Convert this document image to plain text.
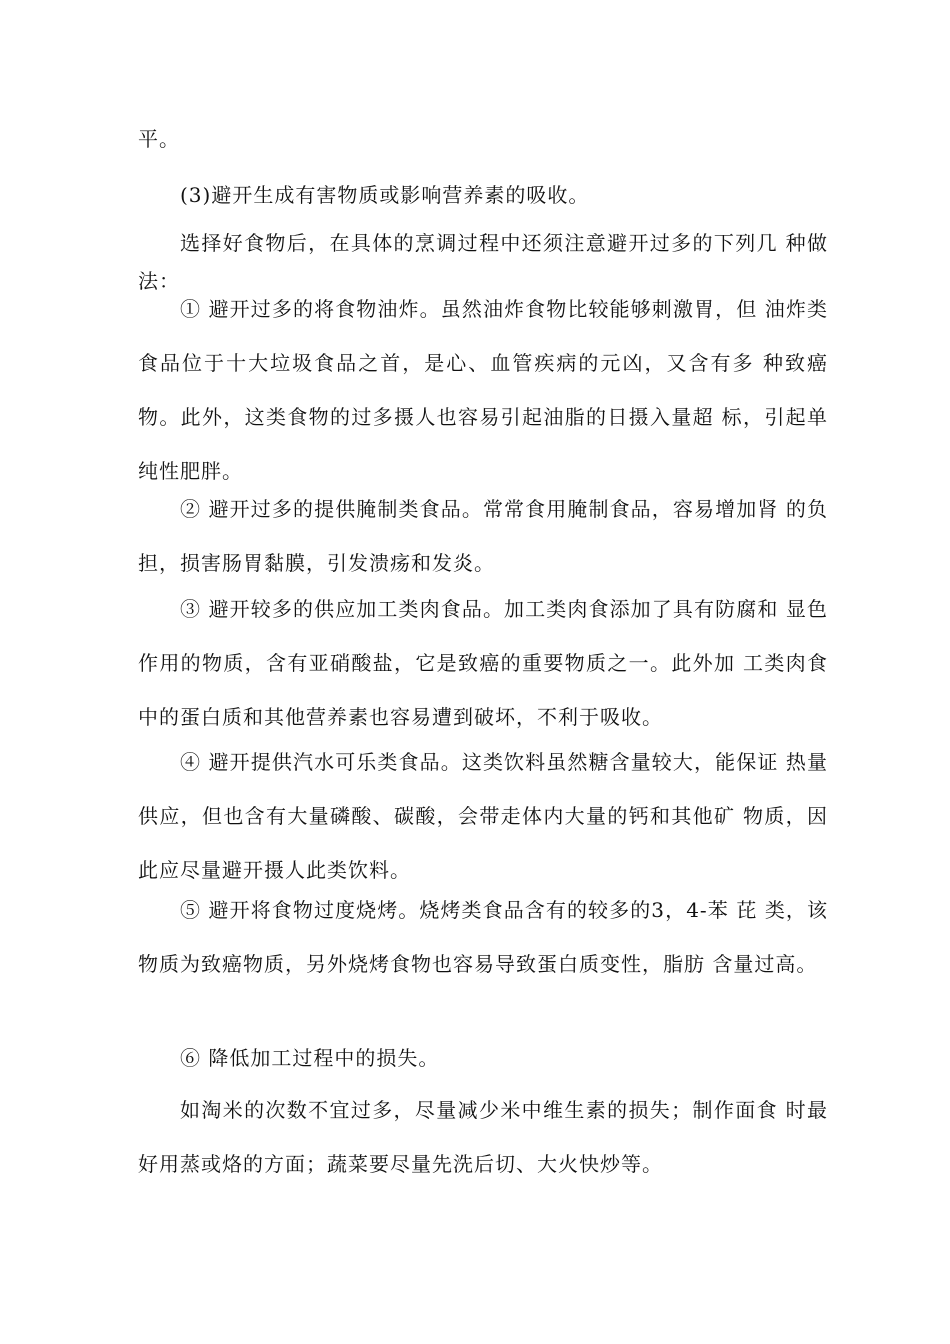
平。

(3)避开生成有害物质或影响营养素的吸收。

选择好食物后，在具体的烹调过程中还须注意避开过多的下列几 种做法：

① 避开过多的将食物油炸。虽然油炸食物比较能够刺激胃，但 油炸类食品位于十大垃圾食品之首，是心、血管疾病的元凶，又含有多 种致癌物。此外，这类食物的过多摄人也容易引起油脂的日摄入量超 标，引起单纯性肥胖。

② 避开过多的提供腌制类食品。常常食用腌制食品，容易增加肾 的负担，损害肠胃黏膜，引发溃疡和发炎。

③ 避开较多的供应加工类肉食品。加工类肉食添加了具有防腐和 显色作用的物质，含有亚硝酸盐，它是致癌的重要物质之一。此外加 工类肉食中的蛋白质和其他营养素也容易遭到破坏，不利于吸收。

④ 避开提供汽水可乐类食品。这类饮料虽然糖含量较大，能保证 热量供应，但也含有大量磷酸、碳酸，会带走体内大量的钙和其他矿 物质，因此应尽量避开摄人此类饮料。

⑤ 避开将食物过度烧烤。烧烤类食品含有的较多的3，4-苯 芘 类，该物质为致癌物质，另外烧烤食物也容易导致蛋白质变性，脂肪 含量过高。

⑥ 降低加工过程中的损失。

如淘米的次数不宜过多，尽量减少米中维生素的损失；制作面食 时最好用蒸或烙的方面；蔬菜要尽量先洗后切、大火快炒等。
